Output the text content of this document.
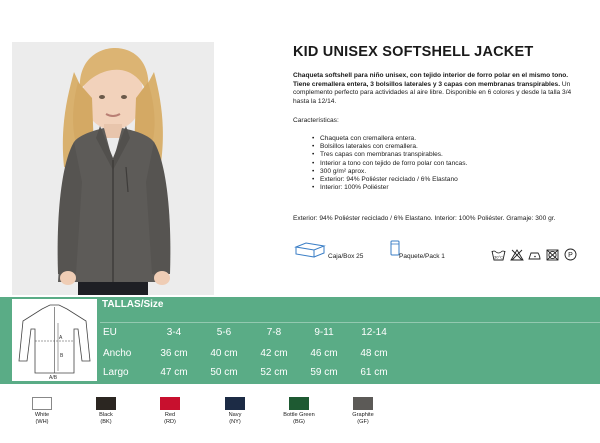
KID UNISEX SOFTSHELL JACKET
Chaqueta softshell para niño unisex, con tejido interior de forro polar en el mismo tono. Tiene cremallera entera, 3 bolsillos laterales y 3 capas con membranas transpirables. Un complemento perfecto para actividades al aire libre. Disponible en 6 colores y desde la talla 3/4 hasta la 12/14.
Características:
• Chaqueta con cremallera entera.
• Bolsillos laterales con cremallera.
• Tres capas con membranas transpirables.
• Interior a tono con tejido de forro polar con tancas.
• 300 g/m² aprox.
• Exterior: 94% Poliéster reciclado / 6% Elastano
• Interior: 100% Poliéster
Exterior: 94% Poliéster reciclado / 6% Elastano. Interior: 100% Poliéster. Gramaje: 300 gr.
Caja/Box 25	Paquete/Pack 1	30°C	P
A
B
A/B
TALLAS/Size
EU	3-4	5-6	7-8	9-11	12-14
Ancho	36 cm	40 cm	42 cm	46 cm	48 cm
Largo	47 cm	50 cm	52 cm	59 cm	61 cm
White
(WH)
Black
(BK)
Red
(RD)
Navy
(NY)
Bottle Green
(BG)
Graphite
(GF)
